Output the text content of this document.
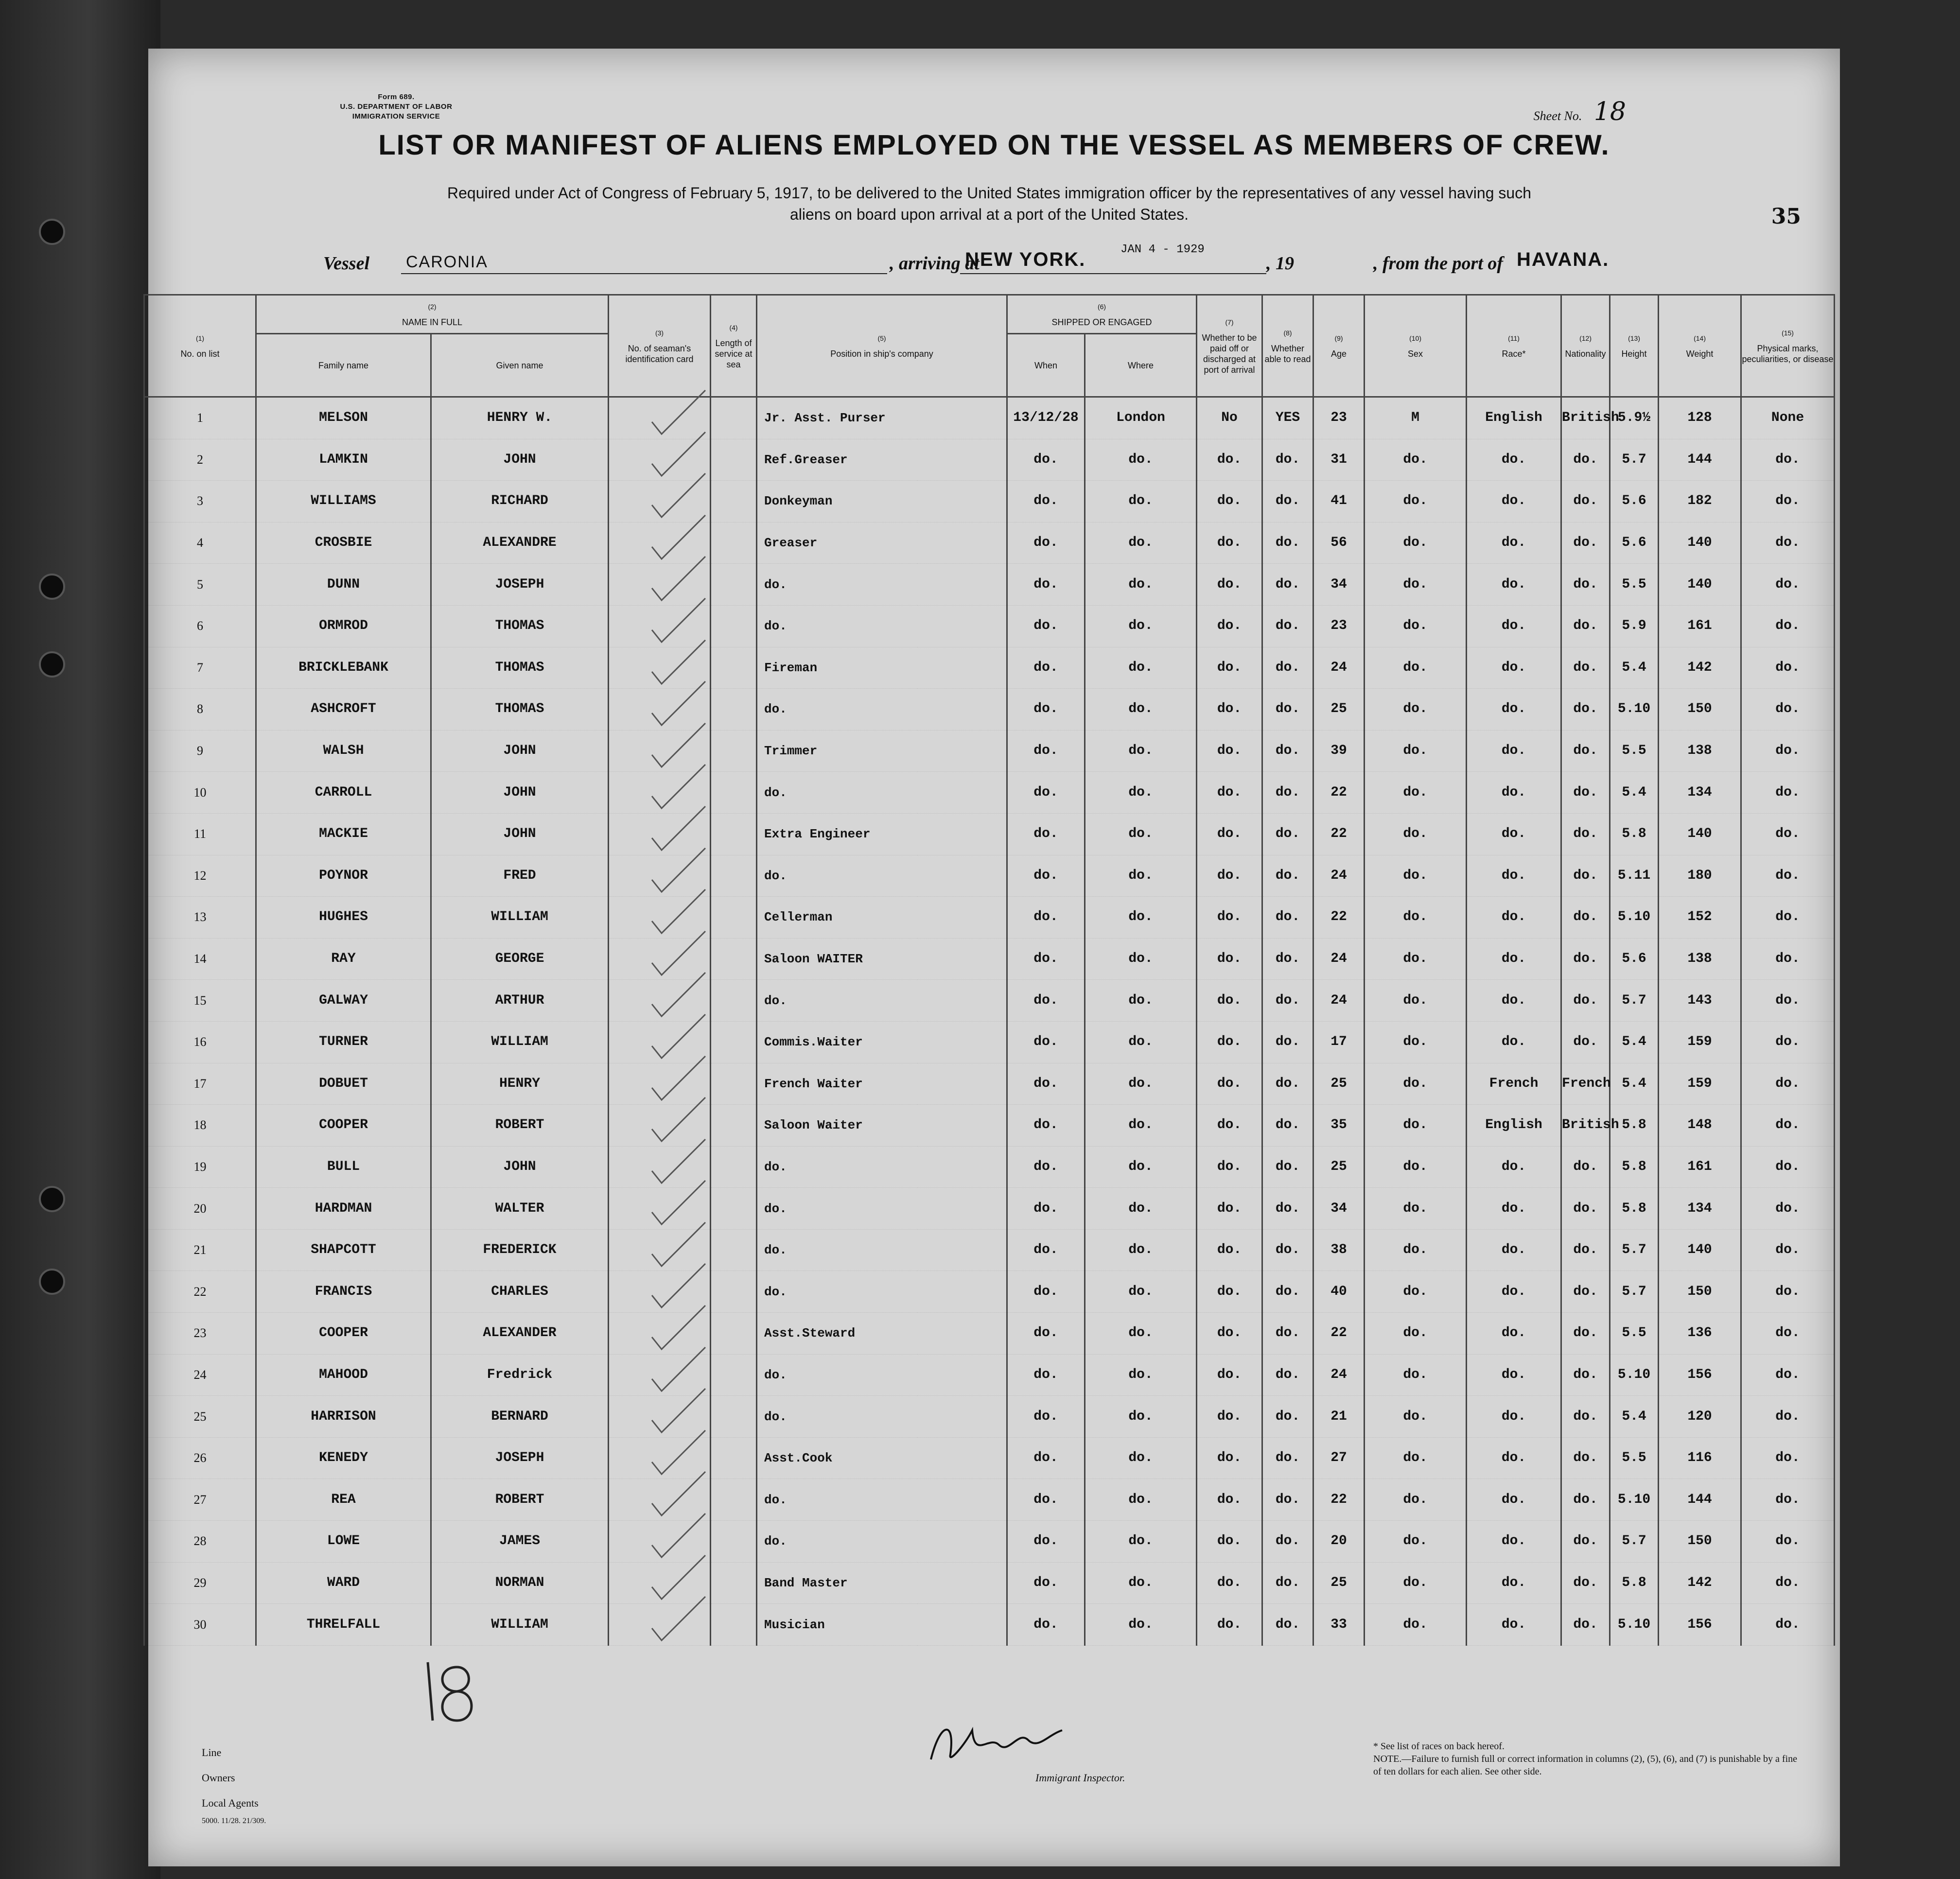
Form 689.
U.S. DEPARTMENT OF LABOR
IMMIGRATION SERVICE	Sheet No. 18
35
LIST OR MANIFEST OF ALIENS EMPLOYED ON THE VESSEL AS MEMBERS OF CREW.
Required under Act of Congress of February 5, 1917, to be delivered to the United States immigration officer by the representatives of any vessel having such
aliens on board upon arrival at a port of the United States.
Vessel CARONIA	, arriving at
NEW YORK.	JAN 4 - 1929
, 19	, from the port of HAVANA.
(1)
No. on list	(2)
NAME IN FULL		(3)
No. of seaman's identification card	(4)
Length of service at sea	(5)
Position in ship's company	(6)
SHIPPED OR ENGAGED		(7)
Whether to be paid off or discharged at port of arrival	(8)
Whether able to read	(9)
Age	(10)
Sex	(11)
Race*	(12)
Nationality	(13)
Height	(14)
Weight	(15)
Physical marks, peculiarities, or disease
	Family name	Given name				When	Where									
1	MELSON	HENRY W.			Jr. Asst. Purser	13/12/28	London	No	YES	23	M	English	British	5.9½	128	None
2	LAMKIN	JOHN			Ref.Greaser	do.	do.	do.	do.	31	do.	do.	do.	5.7	144	do.
3	WILLIAMS	RICHARD			Donkeyman	do.	do.	do.	do.	41	do.	do.	do.	5.6	182	do.
4	CROSBIE	ALEXANDRE			Greaser	do.	do.	do.	do.	56	do.	do.	do.	5.6	140	do.
5	DUNN	JOSEPH			do.	do.	do.	do.	do.	34	do.	do.	do.	5.5	140	do.
6	ORMROD	THOMAS			do.	do.	do.	do.	do.	23	do.	do.	do.	5.9	161	do.
7	BRICKLEBANK	THOMAS			Fireman	do.	do.	do.	do.	24	do.	do.	do.	5.4	142	do.
8	ASHCROFT	THOMAS			do.	do.	do.	do.	do.	25	do.	do.	do.	5.10	150	do.
9	WALSH	JOHN			Trimmer	do.	do.	do.	do.	39	do.	do.	do.	5.5	138	do.
10	CARROLL	JOHN			do.	do.	do.	do.	do.	22	do.	do.	do.	5.4	134	do.
11	MACKIE	JOHN			Extra Engineer	do.	do.	do.	do.	22	do.	do.	do.	5.8	140	do.
12	POYNOR	FRED			do.	do.	do.	do.	do.	24	do.	do.	do.	5.11	180	do.
13	HUGHES	WILLIAM			Cellerman	do.	do.	do.	do.	22	do.	do.	do.	5.10	152	do.
14	RAY	GEORGE			Saloon WAITER	do.	do.	do.	do.	24	do.	do.	do.	5.6	138	do.
15	GALWAY	ARTHUR			do.	do.	do.	do.	do.	24	do.	do.	do.	5.7	143	do.
16	TURNER	WILLIAM			Commis.Waiter	do.	do.	do.	do.	17	do.	do.	do.	5.4	159	do.
17	DOBUET	HENRY			French Waiter	do.	do.	do.	do.	25	do.	French	French	5.4	159	do.
18	COOPER	ROBERT			Saloon Waiter	do.	do.	do.	do.	35	do.	English	British	5.8	148	do.
19	BULL	JOHN			do.	do.	do.	do.	do.	25	do.	do.	do.	5.8	161	do.
20	HARDMAN	WALTER			do.	do.	do.	do.	do.	34	do.	do.	do.	5.8	134	do.
21	SHAPCOTT	FREDERICK			do.	do.	do.	do.	do.	38	do.	do.	do.	5.7	140	do.
22	FRANCIS	CHARLES			do.	do.	do.	do.	do.	40	do.	do.	do.	5.7	150	do.
23	COOPER	ALEXANDER			Asst.Steward	do.	do.	do.	do.	22	do.	do.	do.	5.5	136	do.
24	MAHOOD	Fredrick			do.	do.	do.	do.	do.	24	do.	do.	do.	5.10	156	do.
25	HARRISON	BERNARD			do.	do.	do.	do.	do.	21	do.	do.	do.	5.4	120	do.
26	KENEDY	JOSEPH			Asst.Cook	do.	do.	do.	do.	27	do.	do.	do.	5.5	116	do.
27	REA	ROBERT			do.	do.	do.	do.	do.	22	do.	do.	do.	5.10	144	do.
28	LOWE	JAMES			do.	do.	do.	do.	do.	20	do.	do.	do.	5.7	150	do.
29	WARD	NORMAN			Band Master	do.	do.	do.	do.	25	do.	do.	do.	5.8	142	do.
30	THRELFALL	WILLIAM			Musician	do.	do.	do.	do.	33	do.	do.	do.	5.10	156	do.
Line
Owners
Local Agents
5000. 11/28. 21/309.
Immigrant Inspector.
* See list of races on back hereof.
NOTE.—Failure to furnish full or correct information in columns (2), (5), (6), and (7) is punishable by a fine of ten dollars for each alien. See other side.
